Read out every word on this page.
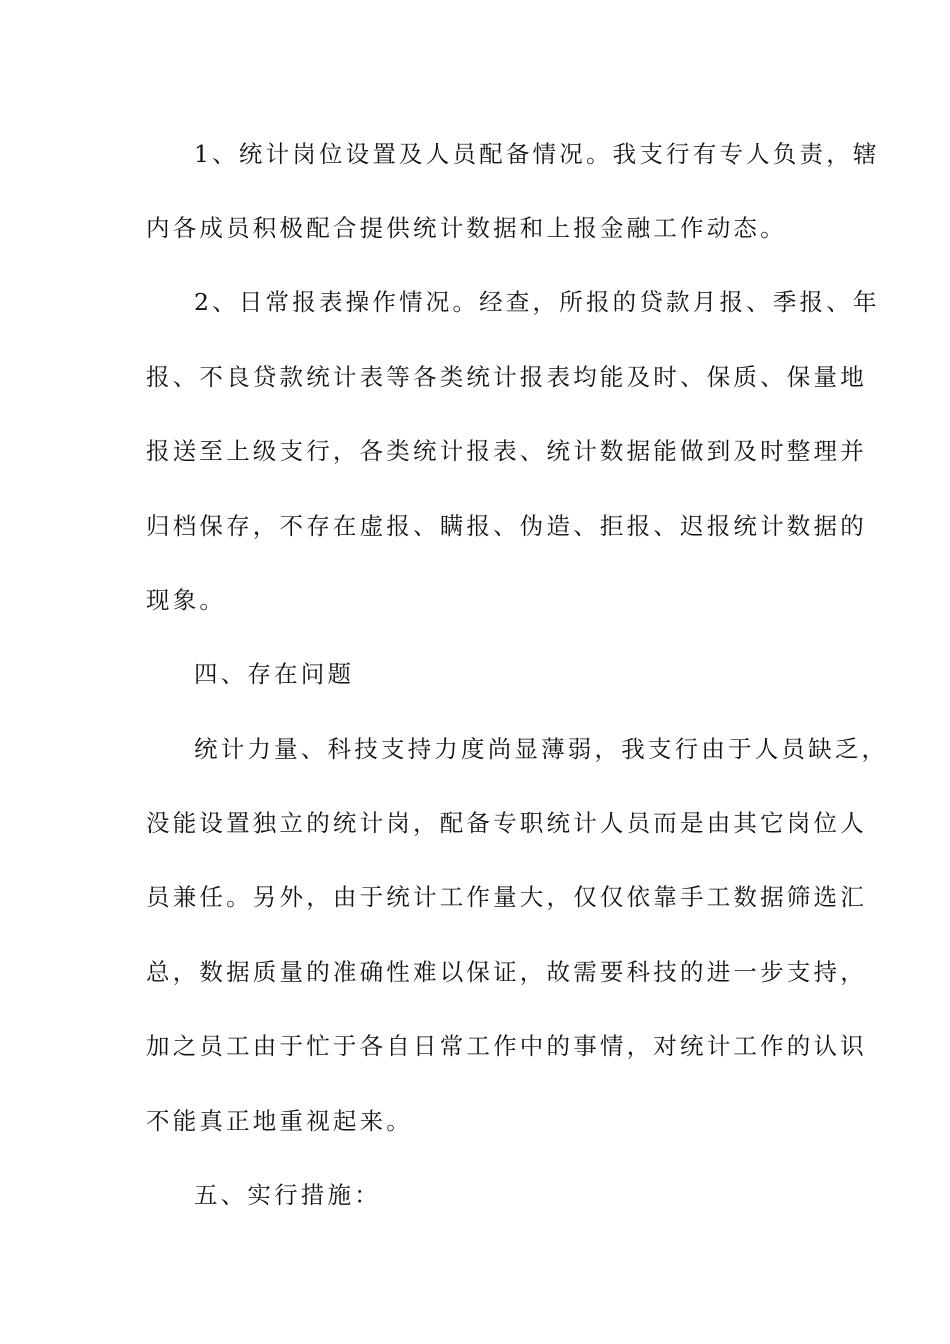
1、统计岗位设置及人员配备情况。我支行有专人负责，辖
内各成员积极配合提供统计数据和上报金融工作动态。
2、日常报表操作情况。经查，所报的贷款月报、季报、年
报、不良贷款统计表等各类统计报表均能及时、保质、保量地
报送至上级支行，各类统计报表、统计数据能做到及时整理并
归档保存，不存在虚报、瞒报、伪造、拒报、迟报统计数据的
现象。
四、存在问题
统计力量、科技支持力度尚显薄弱，我支行由于人员缺乏，
没能设置独立的统计岗，配备专职统计人员而是由其它岗位人
员兼任。另外，由于统计工作量大，仅仅依靠手工数据筛选汇
总，数据质量的准确性难以保证，故需要科技的进一步支持，
加之员工由于忙于各自日常工作中的事情，对统计工作的认识
不能真正地重视起来。
五、实行措施：
